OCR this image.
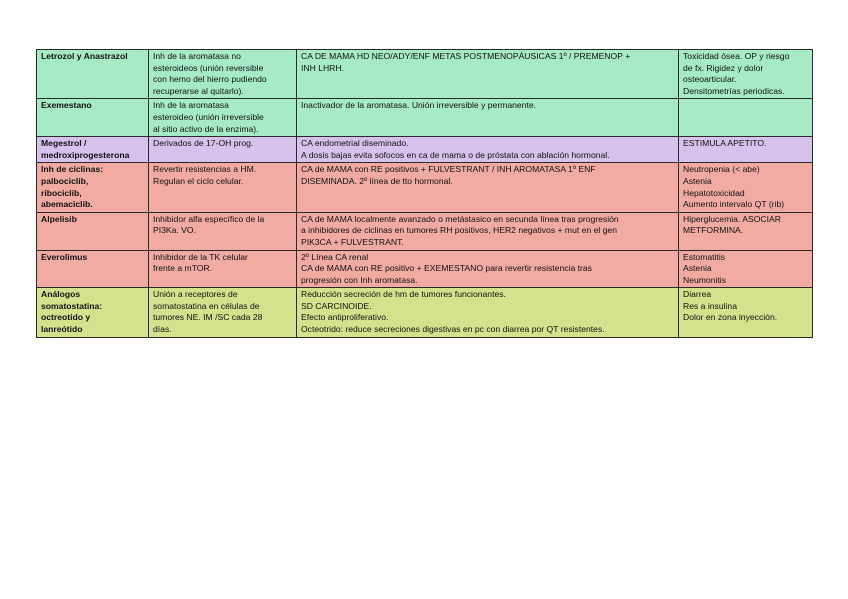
Letrozol y Anastrazol	Inh de la aromatasa no
esteroideos (unión reversible
con hemo del hierro pudiendo
recuperarse al quitarlo).	CA DE MAMA HD NEO/ADY/ENF METAS POSTMENOPÁUSICAS 1º / PREMENOP +
INH LHRH.	Toxicidad ósea. OP y riesgo
de fx. Rigidez y dolor
osteoarticular.
Densitometrías periodicas.

Exemestano	Inh de la aromatasa
esteroideo (unión irreversible
al sitio activo de la enzima).	Inactivador de la aromatasa. Unión irreversible y permanente.	

Megestrol /
medroxiprogesterona	Derivados de 17-OH prog.	CA endometrial diseminado.
A dosis bajas evita sofocos en ca de mama o de próstata con ablación hormonal.	ESTIMULA APETITO.

Inh de ciclinas:
palbociclib,
ribociclib,
abemaciclib.	Revertir resistencias a HM.
Regulan el ciclo celular.	CA de MAMA con RE positivos + FULVESTRANT / INH AROMATASA 1º ENF
DISEMINADA. 2º línea de tto hormonal.	Neutropenia (< abe)
Astenia
Hepatotoxicidad
Aumento intervalo QT (rib)

Alpelisib	Inhibidor alfa específico de la
PI3Ka. VO.	CA de MAMA localmente avanzado o metástasico en secunda línea tras progresión
a inhibidores de ciclinas en tumores RH positivos, HER2 negativos + mut en el gen
PIK3CA + FULVESTRANT.	Hiperglucemia. ASOCIAR
METFORMINA.

Everolimus	Inhibidor de la TK celular
frente a mTOR.	2º Línea CA renal
CA de MAMA con RE positivo + EXEMESTANO para revertir resistencia tras
progresión con Inh aromatasa.	Estomatitis
Astenia
Neumonitis

Análogos
somatostatina:
octreotido y
lanreótido	Unión a receptores de
somatostatina en células de
tumores NE. IM /SC cada 28
días.	Reducción secreción de hm de tumores funcionantes.
SD CARCINOIDE.
Efecto antiproliferativo.
Octeotrido: reduce secreciones digestivas en pc con diarrea por QT resistentes.	Diarrea
Res a insulina
Dolor en zona inyección.
